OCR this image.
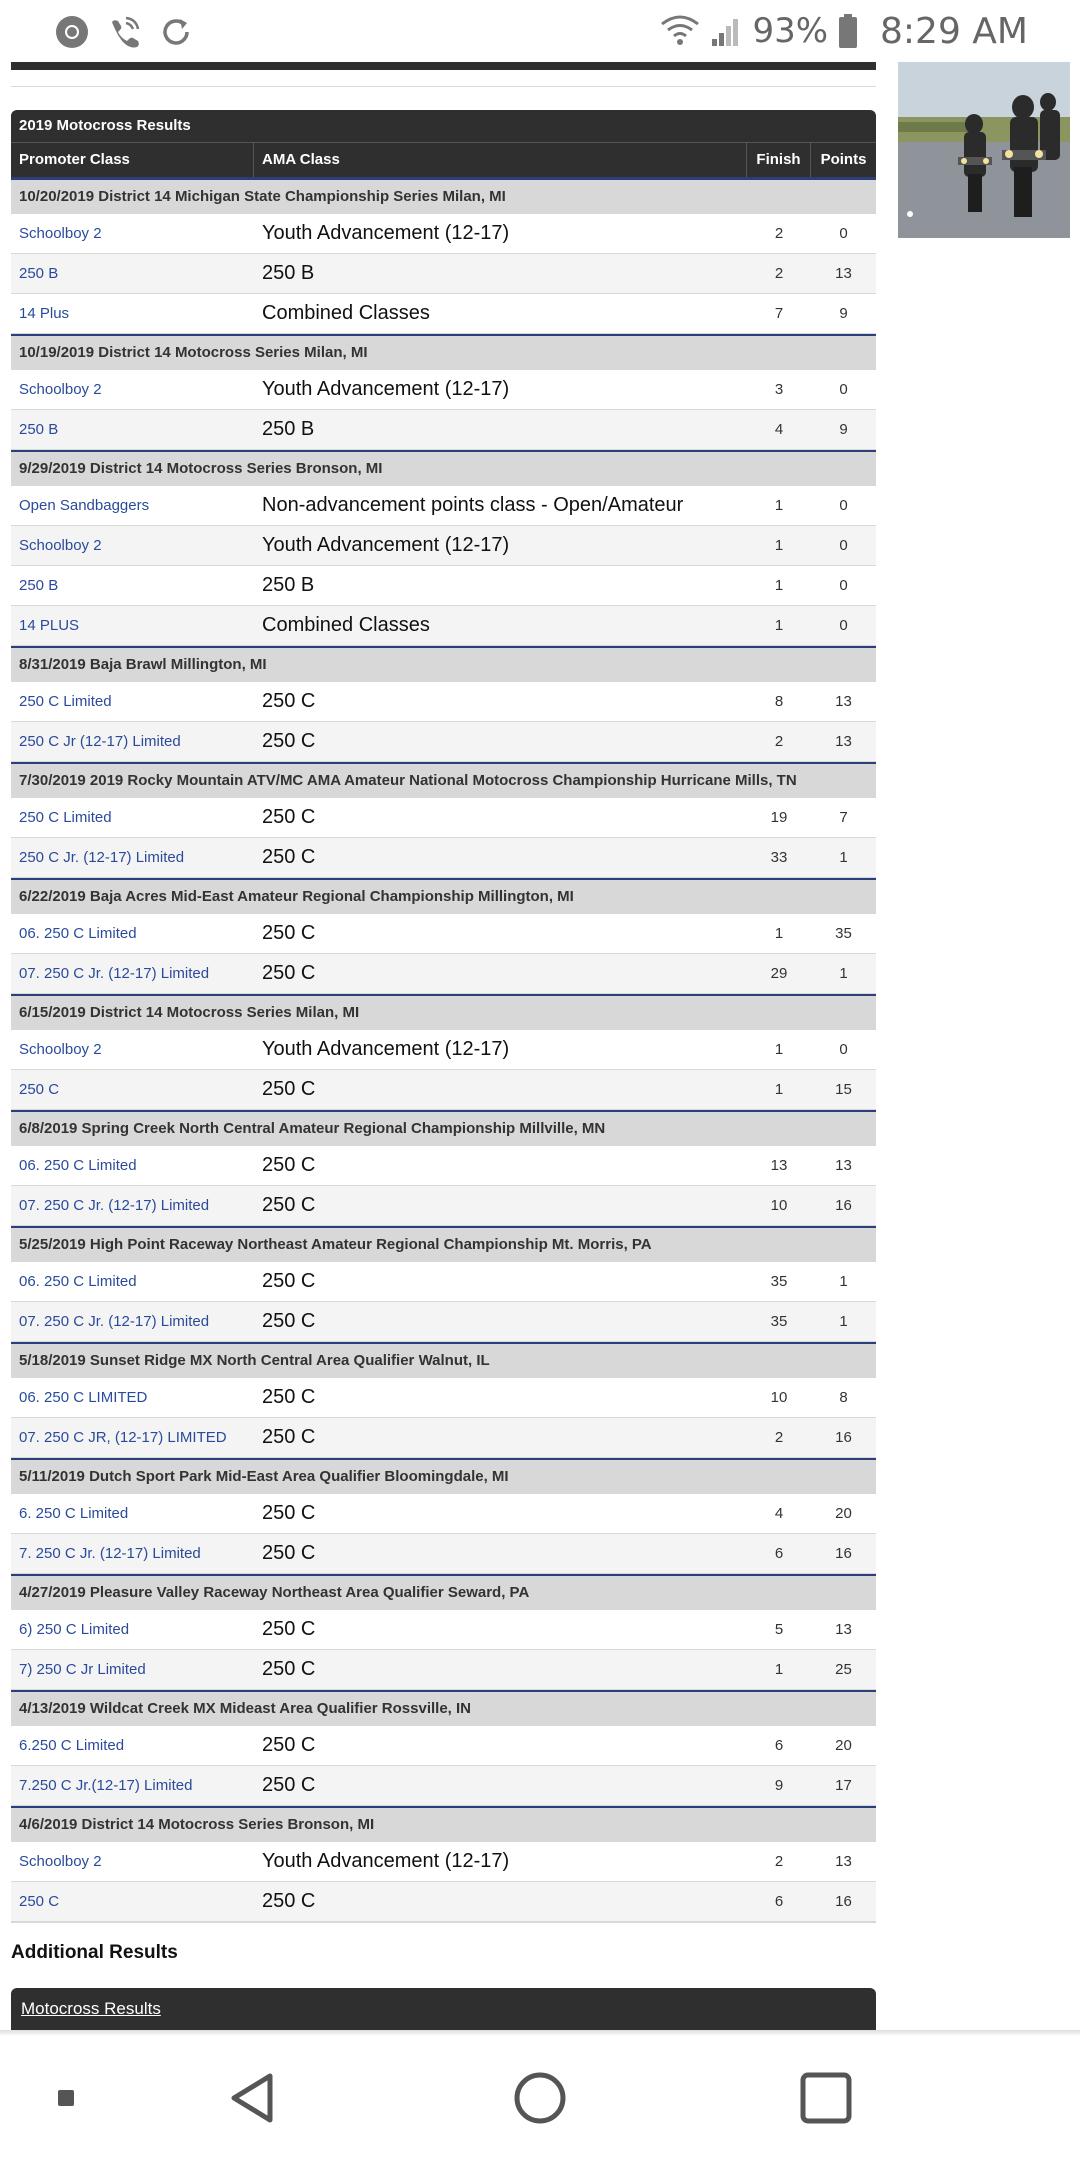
93% 8:29 AM
2019 Motocross Results
Promoter Class	AMA Class	Finish	Points
10/20/2019 District 14 Michigan State Championship Series Milan, MI
Schoolboy 2	Youth Advancement (12-17)	2	0
250 B	250 B	2	13
14 Plus	Combined Classes	7	9
10/19/2019 District 14 Motocross Series Milan, MI
Schoolboy 2	Youth Advancement (12-17)	3	0
250 B	250 B	4	9
9/29/2019 District 14 Motocross Series Bronson, MI
Open Sandbaggers	Non-advancement points class - Open/Amateur	1	0
Schoolboy 2	Youth Advancement (12-17)	1	0
250 B	250 B	1	0
14 PLUS	Combined Classes	1	0
8/31/2019 Baja Brawl Millington, MI
250 C Limited	250 C	8	13
250 C Jr (12-17) Limited	250 C	2	13
7/30/2019 2019 Rocky Mountain ATV/MC AMA Amateur National Motocross Championship Hurricane Mills, TN
250 C Limited	250 C	19	7
250 C Jr. (12-17) Limited	250 C	33	1
6/22/2019 Baja Acres Mid-East Amateur Regional Championship Millington, MI
06. 250 C Limited	250 C	1	35
07. 250 C Jr. (12-17) Limited	250 C	29	1
6/15/2019 District 14 Motocross Series Milan, MI
Schoolboy 2	Youth Advancement (12-17)	1	0
250 C	250 C	1	15
6/8/2019 Spring Creek North Central Amateur Regional Championship Millville, MN
06. 250 C Limited	250 C	13	13
07. 250 C Jr. (12-17) Limited	250 C	10	16
5/25/2019 High Point Raceway Northeast Amateur Regional Championship Mt. Morris, PA
06. 250 C Limited	250 C	35	1
07. 250 C Jr. (12-17) Limited	250 C	35	1
5/18/2019 Sunset Ridge MX North Central Area Qualifier Walnut, IL
06. 250 C LIMITED	250 C	10	8
07. 250 C JR, (12-17) LIMITED	250 C	2	16
5/11/2019 Dutch Sport Park Mid-East Area Qualifier Bloomingdale, MI
6. 250 C Limited	250 C	4	20
7. 250 C Jr. (12-17) Limited	250 C	6	16
4/27/2019 Pleasure Valley Raceway Northeast Area Qualifier Seward, PA
6) 250 C Limited	250 C	5	13
7) 250 C Jr Limited	250 C	1	25
4/13/2019 Wildcat Creek MX Mideast Area Qualifier Rossville, IN
6.250 C Limited	250 C	6	20
7.250 C Jr.(12-17) Limited	250 C	9	17
4/6/2019 District 14 Motocross Series Bronson, MI
Schoolboy 2	Youth Advancement (12-17)	2	13
250 C	250 C	6	16
Additional Results
Motocross Results
